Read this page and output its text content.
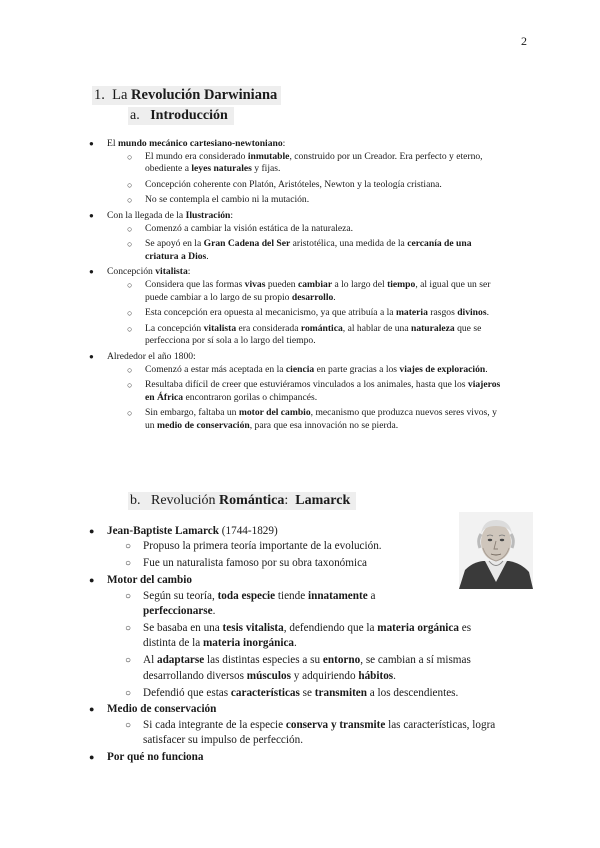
2
1. La Revolución Darwiniana
a. Introducción
● El mundo mecánico cartesiano-newtoniano:
○ El mundo era considerado inmutable, construido por un Creador. Era perfecto y eterno, obediente a leyes naturales y fijas.
○ Concepción coherente con Platón, Aristóteles, Newton y la teología cristiana.
○ No se contempla el cambio ni la mutación.
● Con la llegada de la Ilustración:
○ Comenzó a cambiar la visión estática de la naturaleza.
○ Se apoyó en la Gran Cadena del Ser aristotélica, una medida de la cercanía de una criatura a Dios.
● Concepción vitalista:
○ Considera que las formas vivas pueden cambiar a lo largo del tiempo, al igual que un ser puede cambiar a lo largo de su propio desarrollo.
○ Esta concepción era opuesta al mecanicismo, ya que atribuía a la materia rasgos divinos.
○ La concepción vitalista era considerada romántica, al hablar de una naturaleza que se perfecciona por sí sola a lo largo del tiempo.
● Alrededor el año 1800:
○ Comenzó a estar más aceptada en la ciencia en parte gracias a los viajes de exploración.
○ Resultaba difícil de creer que estuviéramos vinculados a los animales, hasta que los viajeros en África encontraron gorilas o chimpancés.
○ Sin embargo, faltaba un motor del cambio, mecanismo que produzca nuevos seres vivos, y un medio de conservación, para que esa innovación no se pierda.
b. Revolución Romántica: Lamarck
● Jean-Baptiste Lamarck (1744-1829)
○ Propuso la primera teoría importante de la evolución.
○ Fue un naturalista famoso por su obra taxonómica
● Motor del cambio
○ Según su teoría, toda especie tiende innatamente a perfeccionarse.
○ Se basaba en una tesis vitalista, defendiendo que la materia orgánica es distinta de la materia inorgánica.
○ Al adaptarse las distintas especies a su entorno, se cambian a sí mismas desarrollando diversos músculos y adquiriendo hábitos.
○ Defendió que estas características se transmiten a los descendientes.
● Medio de conservación
○ Si cada integrante de la especie conserva y transmite las características, logra satisfacer su impulso de perfección.
● Por qué no funciona
